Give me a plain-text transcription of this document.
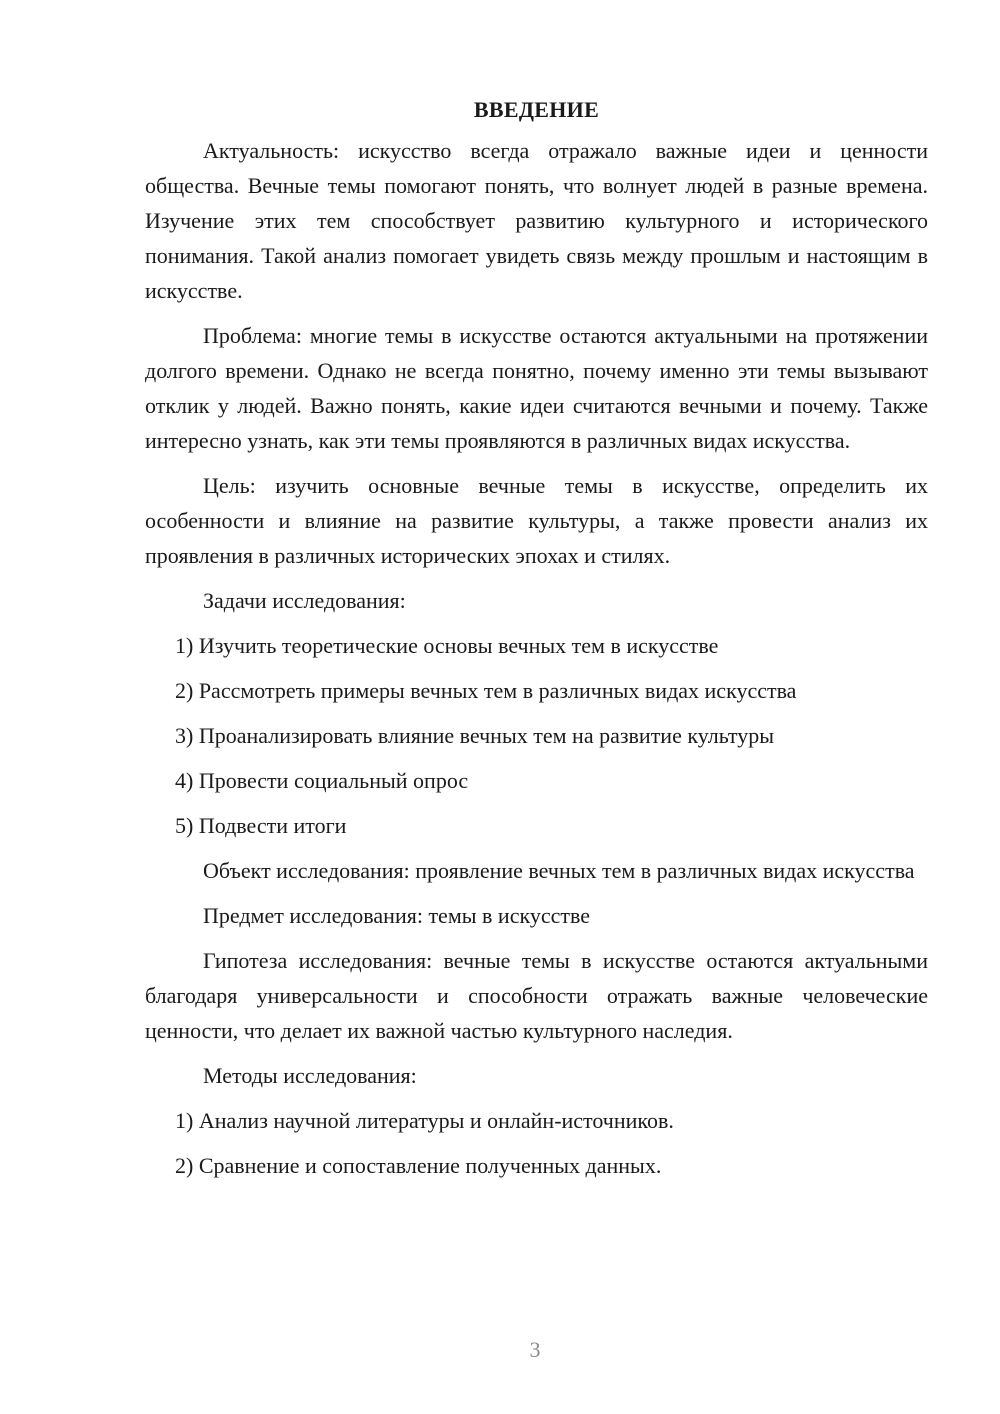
ВВЕДЕНИЕ

Актуальность: искусство всегда отражало важные идеи и ценности общества. Вечные темы помогают понять, что волнует людей в разные времена. Изучение этих тем способствует развитию культурного и исторического понимания. Такой анализ помогает увидеть связь между прошлым и настоящим в искусстве.

Проблема: многие темы в искусстве остаются актуальными на протяжении долгого времени. Однако не всегда понятно, почему именно эти темы вызывают отклик у людей. Важно понять, какие идеи считаются вечными и почему. Также интересно узнать, как эти темы проявляются в различных видах искусства.

Цель: изучить основные вечные темы в искусстве, определить их особенности и влияние на развитие культуры, а также провести анализ их проявления в различных исторических эпохах и стилях.

Задачи исследования:

1) Изучить теоретические основы вечных тем в искусстве
2) Рассмотреть примеры вечных тем в различных видах искусства
3) Проанализировать влияние вечных тем на развитие культуры
4) Провести социальный опрос
5) Подвести итоги

Объект исследования: проявление вечных тем в различных видах искусства

Предмет исследования: темы в искусстве

Гипотеза исследования: вечные темы в искусстве остаются актуальными благодаря универсальности и способности отражать важные человеческие ценности, что делает их важной частью культурного наследия.

Методы исследования:

1) Анализ научной литературы и онлайн-источников.
2) Сравнение и сопоставление полученных данных.
3
